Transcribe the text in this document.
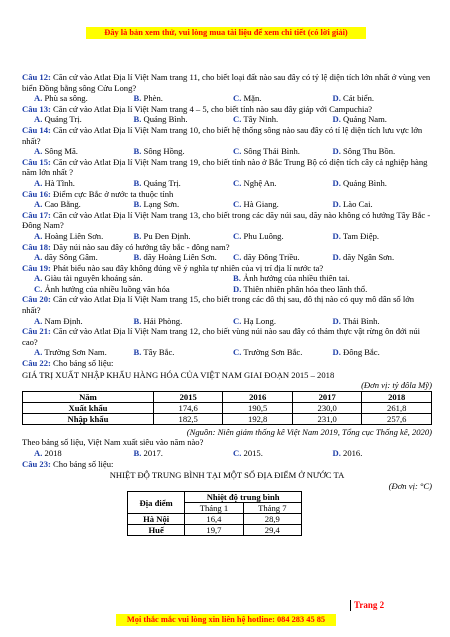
Đây là bản xem thử, vui lòng mua tài liệu để xem chi tiết (có lời giải)
Câu 12: Căn cứ vào Atlat Địa lí Việt Nam trang 11, cho biết loại đất nào sau đây có tỷ lệ diện tích lớn nhất ở vùng ven biển Đồng bằng sông Cửu Long?
A. Phù sa sông.	B. Phèn.	C. Mặn.	D. Cát biển.
Câu 13: Căn cứ vào Atlat Địa lí Việt Nam trang 4 – 5, cho biết tỉnh nào sau đây giáp với Campuchia?
A. Quảng Trị.	B. Quảng Bình.	C. Tây Ninh.	D. Quảng Nam.
Câu 14: Căn cứ vào Atlat Địa lí Việt Nam trang 10, cho biết hệ thống sông nào sau đây có tỉ lệ diện tích lưu vực lớn nhất?
A. Sông Mã.	B. Sông Hồng.	C. Sông Thái Bình.	D. Sông Thu Bồn.
Câu 15: Căn cứ vào Atlat Địa lí Việt Nam trang 19, cho biết tỉnh nào ở Bắc Trung Bộ có diện tích cây cả nghiệp hàng năm lớn nhất ?
A. Hà Tĩnh.	B. Quảng Trị.	C. Nghệ An.	D. Quảng Bình.
Câu 16: Điểm cực Bắc ở nước ta thuộc tỉnh
A. Cao Bằng.	B. Lạng Sơn.	C. Hà Giang.	D. Lào Cai.
Câu 17: Căn cứ vào Atlat Địa lí Việt Nam trang 13, cho biết trong các dãy núi sau, dãy nào không có hướng Tây Bắc - Đông Nam?
A. Hoàng Liên Sơn.	B. Pu Đen Định.	C. Phu Luông.	D. Tam Điệp.
Câu 18: Dãy núi nào sau đây có hướng tây bắc - đông nam?
A. dãy Sông Gâm.	B. dãy Hoàng Liên Sơn.	C. dãy Đông Triều.	D. dãy Ngân Sơn.
Câu 19: Phát biểu nào sau đây không đúng về ý nghĩa tự nhiên của vị trí địa lí nước ta?
A. Giàu tài nguyên khoáng sản.	B. Ảnh hưởng của nhiều thiên tai.
C. Ảnh hưởng của nhiều luồng văn hóa	D. Thiên nhiên phân hóa theo lãnh thổ.
Câu 20: Căn cứ vào Atlat Địa lí Việt Nam trang 15, cho biết trong các đô thị sau, đô thị nào có quy mô dân số lớn nhất?
A. Nam Định.	B. Hải Phòng.	C. Hạ Long.	D. Thái Bình.
Câu 21: Căn cứ vào Atlat Địa lí Việt Nam trang 12, cho biết vùng núi nào sau đây có thảm thực vật rừng ôn đới núi cao?
A. Trường Sơn Nam.	B. Tây Bắc.	C. Trường Sơn Bắc.	D. Đông Bắc.
Câu 22: Cho bảng số liệu:
GIÁ TRỊ XUẤT NHẬP KHẨU HÀNG HÓA CỦA VIỆT NAM GIAI ĐOẠN 2015 – 2018
(Đơn vị: tỷ đôla Mỹ)
Năm	2015	2016	2017	2018
Xuất khẩu	174,6	190,5	230,0	261,8
Nhập khẩu	182,5	192,8	231,0	257,6
(Nguồn: Niên giám thống kê Việt Nam 2019, Tổng cục Thống kê, 2020)
Theo bảng số liệu, Việt Nam xuất siêu vào năm nào?
A. 2018	B. 2017.	C. 2015.	D. 2016.
Câu 23: Cho bảng số liệu:
NHIỆT ĐỘ TRUNG BÌNH TẠI MỘT SỐ ĐỊA ĐIỂM Ở NƯỚC TA
(Đơn vị: °C)
Địa điểm	Nhiệt độ trung bình	
	Tháng 1	Tháng 7
Hà Nội	16,4	28,9
Huế	19,7	29,4
Trang 2
Mọi thắc mắc vui lòng xin liên hệ hotline: 084 283 45 85
